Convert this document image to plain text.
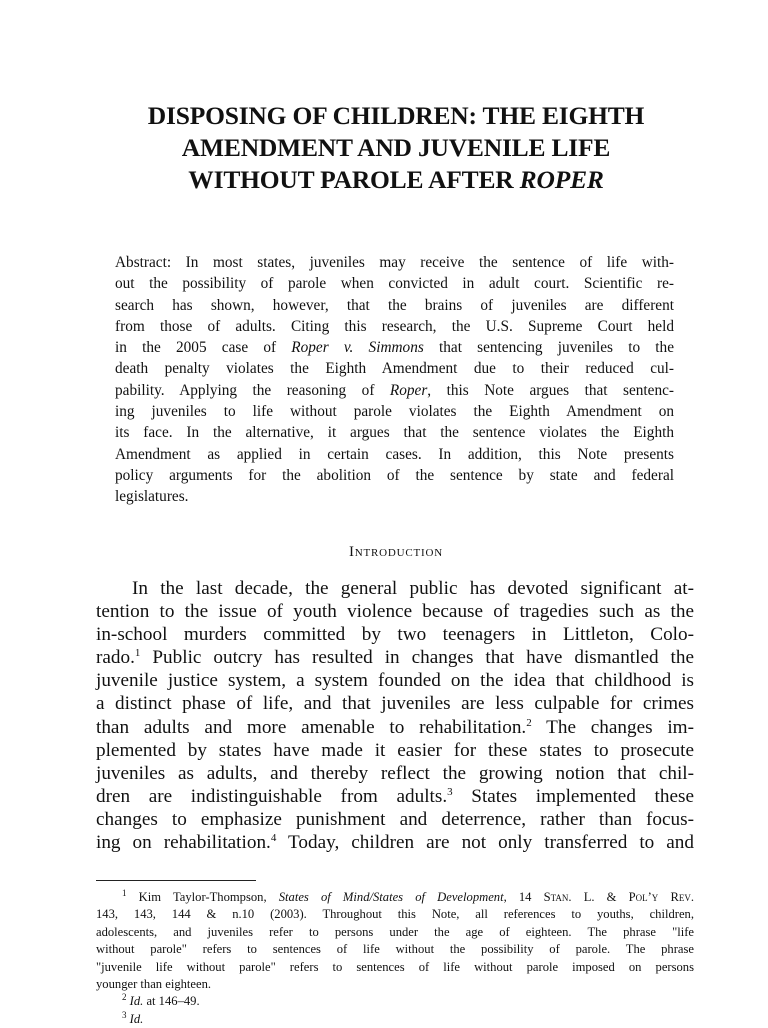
DISPOSING OF CHILDREN: THE EIGHTH
AMENDMENT AND JUVENILE LIFE
WITHOUT PAROLE AFTER ROPER
Abstract: In most states, juveniles may receive the sentence of life with-
out the possibility of parole when convicted in adult court. Scientific re-
search has shown, however, that the brains of juveniles are different
from those of adults. Citing this research, the U.S. Supreme Court held
in the 2005 case of Roper v. Simmons that sentencing juveniles to the
death penalty violates the Eighth Amendment due to their reduced cul-
pability. Applying the reasoning of Roper, this Note argues that sentenc-
ing juveniles to life without parole violates the Eighth Amendment on
its face. In the alternative, it argues that the sentence violates the Eighth
Amendment as applied in certain cases. In addition, this Note presents
policy arguments for the abolition of the sentence by state and federal
legislatures.
Introduction
In the last decade, the general public has devoted significant at-
tention to the issue of youth violence because of tragedies such as the
in-school murders committed by two teenagers in Littleton, Colo-
rado.$^1$ Public outcry has resulted in changes that have dismantled the
juvenile justice system, a system founded on the idea that childhood is
a distinct phase of life, and that juveniles are less culpable for crimes
than adults and more amenable to rehabilitation.$^2$ The changes im-
plemented by states have made it easier for these states to prosecute
juveniles as adults, and thereby reflect the growing notion that chil-
dren are indistinguishable from adults.$^3$ States implemented these
changes to emphasize punishment and deterrence, rather than focus-
ing on rehabilitation.$^4$ Today, children are not only transferred to and
$^1$ Kim Taylor-Thompson, States of Mind/States of Development, 14 Stan. L. & Pol’y Rev.
143, 143, 144 & n.10 (2003). Throughout this Note, all references to youths, children,
adolescents, and juveniles refer to persons under the age of eighteen. The phrase "life
without parole" refers to sentences of life without the possibility of parole. The phrase
"juvenile life without parole" refers to sentences of life without parole imposed on persons
younger than eighteen.
$^2$ Id. at 146–49.
$^3$ Id.
